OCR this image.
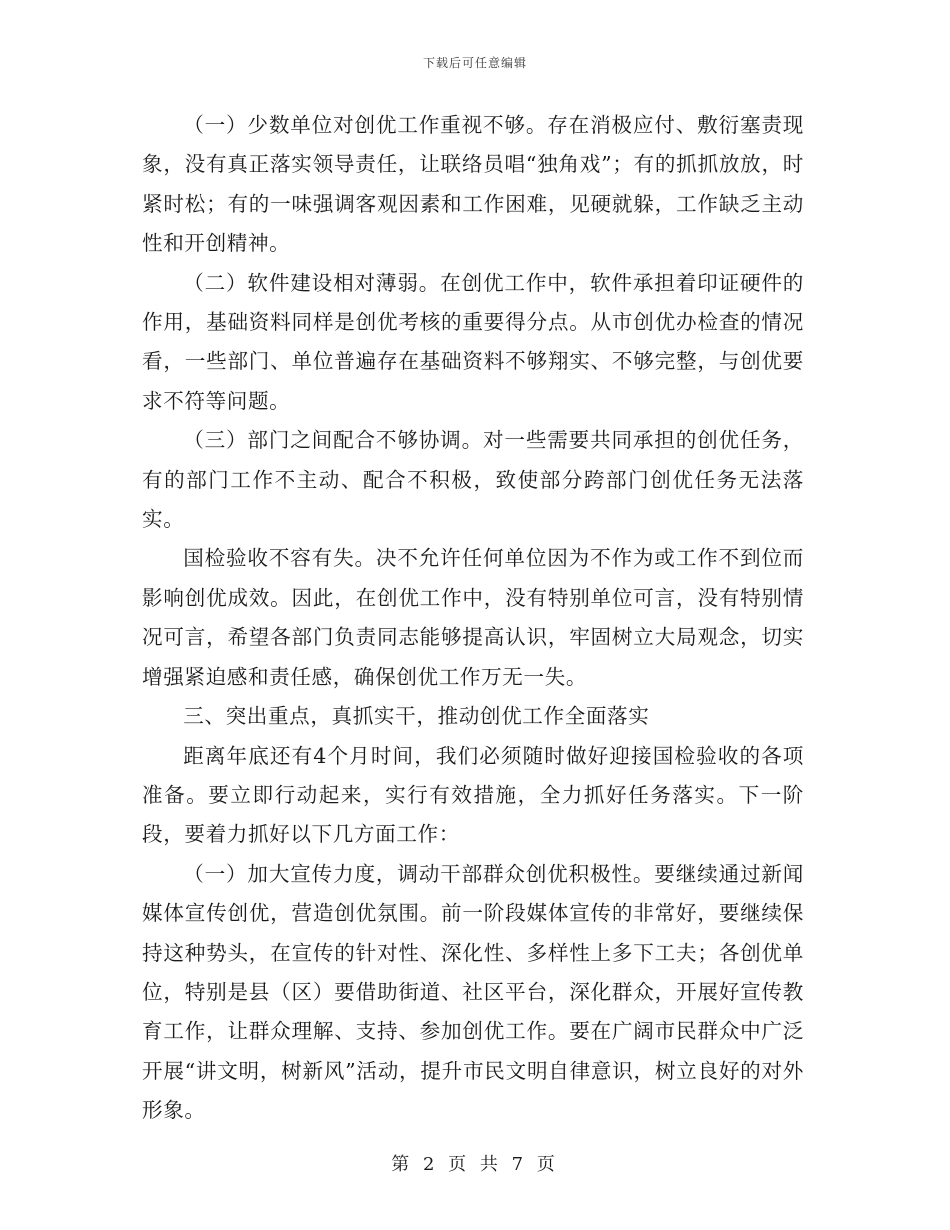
下载后可任意编辑

（一）少数单位对创优工作重视不够。存在消极应付、敷衍塞责现象，没有真正落实领导责任，让联络员唱“独角戏”；有的抓抓放放，时紧时松；有的一味强调客观因素和工作困难，见硬就躲，工作缺乏主动性和开创精神。

（二）软件建设相对薄弱。在创优工作中，软件承担着印证硬件的作用，基础资料同样是创优考核的重要得分点。从市创优办检查的情况看，一些部门、单位普遍存在基础资料不够翔实、不够完整，与创优要求不符等问题。

（三）部门之间配合不够协调。对一些需要共同承担的创优任务，有的部门工作不主动、配合不积极，致使部分跨部门创优任务无法落实。

国检验收不容有失。决不允许任何单位因为不作为或工作不到位而影响创优成效。因此，在创优工作中，没有特别单位可言，没有特别情况可言，希望各部门负责同志能够提高认识，牢固树立大局观念，切实增强紧迫感和责任感，确保创优工作万无一失。

三、突出重点，真抓实干，推动创优工作全面落实

距离年底还有4个月时间，我们必须随时做好迎接国检验收的各项准备。要立即行动起来，实行有效措施，全力抓好任务落实。下一阶段，要着力抓好以下几方面工作：

（一）加大宣传力度，调动干部群众创优积极性。要继续通过新闻媒体宣传创优，营造创优氛围。前一阶段媒体宣传的非常好，要继续保持这种势头，在宣传的针对性、深化性、多样性上多下工夫；各创优单位，特别是县（区）要借助街道、社区平台，深化群众，开展好宣传教育工作，让群众理解、支持、参加创优工作。要在广阔市民群众中广泛开展“讲文明，树新风”活动，提升市民文明自律意识，树立良好的对外形象。

第 2 页 共 7 页
